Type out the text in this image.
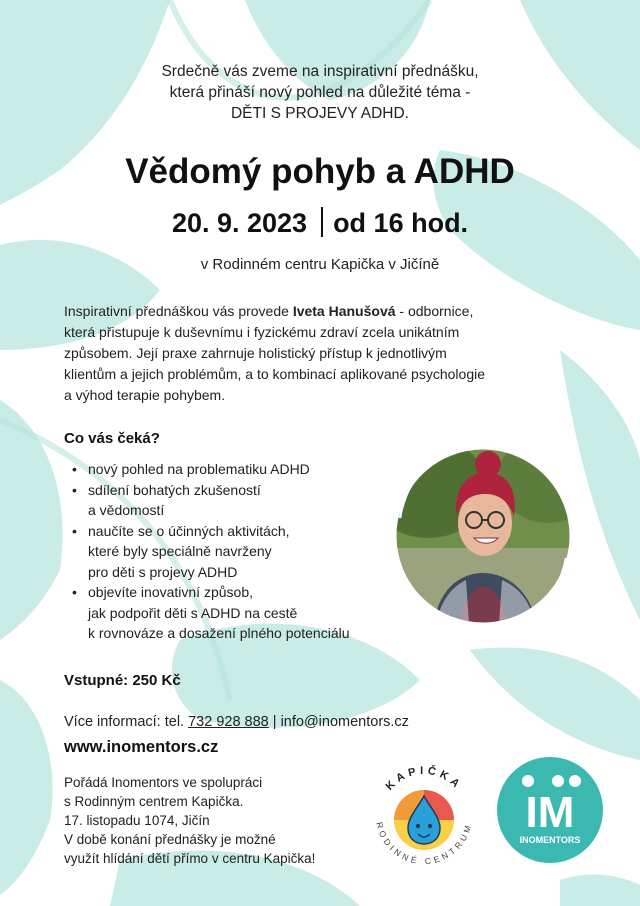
Srdečně vás zveme na inspirativní přednášku,
která přináší nový pohled na důležité téma -
DĚTI S PROJEVY ADHD.
Vědomý pohyb a ADHD
20. 9. 2023 od 16 hod.
v Rodinném centru Kapička v Jičíně
Inspirativní přednáškou vás provede Iveta Hanušová - odbornice,
která přistupuje k duševnímu i fyzickému zdraví zcela unikátním
způsobem. Její praxe zahrnuje holistický přístup k jednotlivým
klientům a jejich problémům, a to kombinací aplikované psychologie
a výhod terapie pohybem.
Co vás čeká?
• nový pohled na problematiku ADHD
• sdílení bohatých zkušeností
a vědomostí
• naučíte se o účinných aktivitách,
které byly speciálně navrženy
pro děti s projevy ADHD
• objevíte inovativní způsob,
jak podpořit děti s ADHD na cestě
k rovnováze a dosažení plného potenciálu
Vstupné: 250 Kč
Více informací: tel. 732 928 888 | info@inomentors.cz
www.inomentors.cz
Pořádá Inomentors ve spolupráci
s Rodinným centrem Kapička.
17. listopadu 1074, Jičín
V době konání přednášky je možné
využít hlídání dětí přímo v centru Kapička!
KAPIČKA
RODINNÉ CENTRUM IM
INOMENTORS
